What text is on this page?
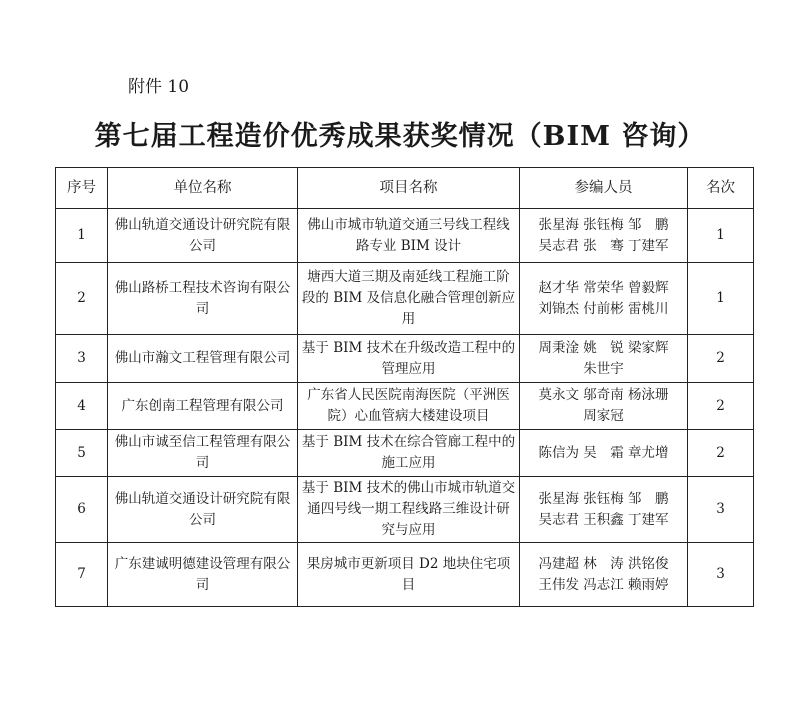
附件 10
第七届工程造价优秀成果获奖情况（BIM 咨询）
序号	单位名称	项目名称	参编人员	名次
1	佛山轨道交通设计研究院有限公司	佛山市城市轨道交通三号线工程线路专业 BIM 设计	张星海 张钰梅 邹　鹏
吴志君 张　骞 丁建军	1
2	佛山路桥工程技术咨询有限公司	塘西大道三期及南延线工程施工阶段的 BIM 及信息化融合管理创新应用	赵才华 常荣华 曾毅辉
刘锦杰 付前彬 雷桃川	1
3	佛山市瀚文工程管理有限公司	基于 BIM 技术在升级改造工程中的管理应用	周秉淦 姚　锐 梁家辉
朱世宇	2
4	广东创南工程管理有限公司	广东省人民医院南海医院（平洲医院）心血管病大楼建设项目	莫永文 邬奇南 杨泳珊
周家冠	2
5	佛山市诚至信工程管理有限公司	基于 BIM 技术在综合管廊工程中的施工应用	陈信为 吴　霜 章尤增	2
6	佛山轨道交通设计研究院有限公司	基于 BIM 技术的佛山市城市轨道交通四号线一期工程线路三维设计研究与应用	张星海 张钰梅 邹　鹏
吴志君 王积鑫 丁建军	3
7	广东建诚明德建设管理有限公司	果房城市更新项目 D2 地块住宅项目	冯建超 林　涛 洪铭俊
王伟发 冯志江 赖雨婷	3
